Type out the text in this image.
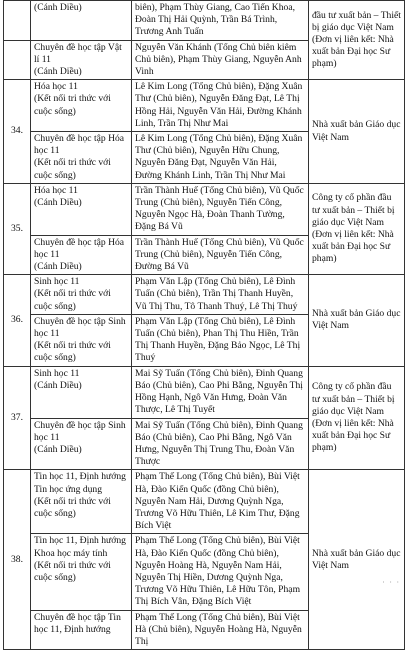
	(Cánh Diều)	biên), Phạm Thùy Giang, Cao Tiến Khoa, Đoàn Thị Hải Quỳnh, Trần Bá Trình, Trương Anh Tuấn	đầu tư xuất bản – Thiết bị giáo dục Việt Nam
(Đơn vị liên kết: Nhà xuất bản Đại học Sư phạm)
	Chuyên đề học tập Vật lí 11
(Cánh Diều)	Nguyễn Văn Khánh (Tổng Chủ biên kiêm Chủ biên), Phạm Thùy Giang, Nguyễn Anh Vinh	
34.	Hóa học 11
(Kết nối tri thức với cuộc sống)	Lê Kim Long (Tổng Chủ biên), Đặng Xuân Thư (Chủ biên), Nguyễn Đăng Đạt, Lê Thị Hồng Hải, Nguyễn Văn Hải, Đường Khánh Linh, Trần Thị Như Mai	Nhà xuất bản Giáo dục Việt Nam
	Chuyên đề học tập Hóa học 11
(Kết nối tri thức với cuộc sống)	Lê Kim Long (Tổng Chủ biên), Đặng Xuân Thư (Chủ biên), Nguyễn Hữu Chung, Nguyễn Đăng Đạt, Nguyễn Văn Hải, Đường Khánh Linh, Trần Thị Như Mai	
35.	Hóa học 11
(Cánh Diều)	Trần Thành Huế (Tổng Chủ biên), Vũ Quốc Trung (Chủ biên), Nguyễn Tiến Công, Nguyễn Ngọc Hà, Đoàn Thanh Tường, Đặng Bá Vũ	Công ty cổ phần đầu tư xuất bản – Thiết bị giáo dục Việt Nam
(Đơn vị liên kết: Nhà xuất bản Đại học Sư phạm)
	Chuyên đề học tập Hóa học 11
(Cánh Diều)	Trần Thành Huế (Tổng Chủ biên), Vũ Quốc Trung (Chủ biên), Nguyễn Tiến Công, Đường Bá Vũ	
36.	Sinh học 11
(Kết nối tri thức với cuộc sống)	Phạm Văn Lập (Tổng Chủ biên), Lê Đình Tuấn (Chủ biên), Trần Thị Thanh Huyền, Vũ Thị Thu, Tô Thanh Thuý, Lê Thị Thuý	Nhà xuất bản Giáo dục Việt Nam
	Chuyên đề học tập Sinh học 11
(Kết nối tri thức với cuộc sống)	Phạm Văn Lập (Tổng Chủ biên), Lê Đình Tuấn (Chủ biên), Phan Thị Thu Hiền, Trần Thị Thanh Huyền, Đặng Bảo Ngọc, Lê Thị Thuý	
37.	Sinh học 11
(Cánh Diều)	Mai Sỹ Tuấn (Tổng Chủ biên), Đinh Quang Báo (Chủ biên), Cao Phi Bằng, Nguyễn Thị Hồng Hạnh, Ngô Văn Hưng, Đoàn Văn Thược, Lê Thị Tuyết	Công ty cổ phần đầu tư xuất bản – Thiết bị giáo dục Việt Nam
(Đơn vị liên kết: Nhà xuất bản Đại học Sư phạm)
	Chuyên đề học tập Sinh học 11
(Cánh Diều)	Mai Sỹ Tuấn (Tổng Chủ biên), Đinh Quang Báo (Chủ biên), Cao Phi Bằng, Ngô Văn Hưng, Nguyễn Thị Trung Thu, Đoàn Văn Thược	
38.	Tin học 11, Định hướng Tin học ứng dụng
(Kết nối tri thức với cuộc sống)	Phạm Thế Long (Tổng Chủ biên), Bùi Việt Hà, Đào Kiến Quốc (đồng Chủ biên), Nguyễn Nam Hải, Dương Quỳnh Nga, Trương Võ Hữu Thiên, Lê Kim Thư, Đặng Bích Việt	Nhà xuất bản Giáo dục Việt Nam
	Tin học 11, Định hướng Khoa học máy tính
(Kết nối tri thức với cuộc sống)	Phạm Thế Long (Tổng Chủ biên), Bùi Việt Hà, Đào Kiến Quốc (đồng Chủ biên), Nguyễn Hoàng Hà, Nguyễn Nam Hải, Nguyễn Thị Hiền, Dương Quỳnh Nga, Trương Võ Hữu Thiên, Lê Hữu Tôn, Phạm Thị Bích Vân, Đặng Bích Việt	
	Chuyên đề học tập Tin học 11, Định hướng	Phạm Thế Long (Tổng Chủ biên), Bùi Việt Hà (Chủ biên), Nguyễn Hoàng Hà, Nguyễn Thị	
· · ·
